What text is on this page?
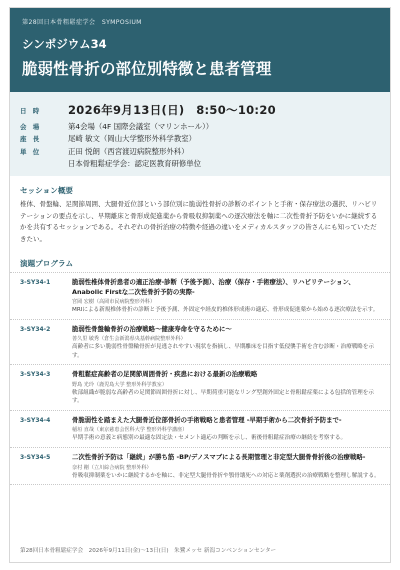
第28回日本骨粗鬆症学会　SYMPOSIUM
シンポジウム34
脆弱性骨折の部位別特徴と患者管理
日 時	2026年9月13日(日)　8:50～10:20
会 場	第4会場（4F 国際会議室（マリンホール））
座 長	尾崎 敏文（岡山大学整形外科学教室）
単 位	正田 悦朗（西宮渡辺病院整形外科）
日本骨粗鬆症学会：認定医教育研修単位
セッション概要
椎体、骨盤輪、足関節周囲、大腿骨近位部という部位別に脆弱性骨折の診断のポイントと手術・保存療法の選択、リハビリテーションの要点を示し、早期離床と骨形成促進薬から骨吸収抑制薬への逐次療法を軸に二次性骨折予防をいかに継続するかを共有するセッションである。それぞれの骨折治療の特徴や経過の違いをメディカルスタッフの皆さんにも知っていただきたい。
演題プログラム
3-SY34-1	脆弱性椎体骨折患者の適正治療-診断（予後予測）、治療（保存・手術療法）、リハビリテーション、Anabolic Firstな二次性骨折予防の実際-
宮岡 宏樹（高岡市民病院整形外科）
MRIによる新規椎体骨折の診断と予後予測、外固定や経皮的椎体形成術の適応、骨形成促進薬から始める逐次療法を示す。
3-SY34-2	脆弱性骨盤輪骨折の治療戦略～健康寿命を守るために～
善久里 敏秀（倉生会新潟県央基幹病院整形外科）
高齢者に多い脆弱性骨盤輪骨折が見逃されやすい現状を指摘し、早期離床を目指す低侵襲手術を含む診断・治療戦略を示す。
3-SY34-3	骨粗鬆症高齢者の足関節周囲骨折・疾患における最新の治療戦略
野島 光玲（鹿児島大学 整形外科学教室）
軟部組織が脆弱な高齢者の足関節周囲骨折に対し、早期荷重可能なリング型創外固定と骨粗鬆症薬による包括的管理を示す。
3-SY34-4	骨脆弱性を踏まえた大腿骨近位部骨折の手術戦略と患者管理 -早期手術から二次骨折予防まで-
稲垣 直哉（東京慈恵会医科大学 整形外科学講座）
早期手術の意義と病態別の最適な固定法・セメント適応の判断を示し、術後骨粗鬆症治療の継続を考察する。
3-SY34-5	二次性骨折予防は「継続」が勝ち筋 -BP/デノスマブによる長期管理と非定型大腿骨骨折後の治療戦略-
奈村 剛（立川綜合病院 整形外科）
骨吸収抑制薬をいかに継続するかを軸に、非定型大腿骨骨折や顎骨壊死への対応と薬剤選択の治療戦略を整理し解説する。
第28回日本骨粗鬆症学会　2026年9月11日(金)～13日(日)　朱鷺メッセ 新潟コンベンションセンター
